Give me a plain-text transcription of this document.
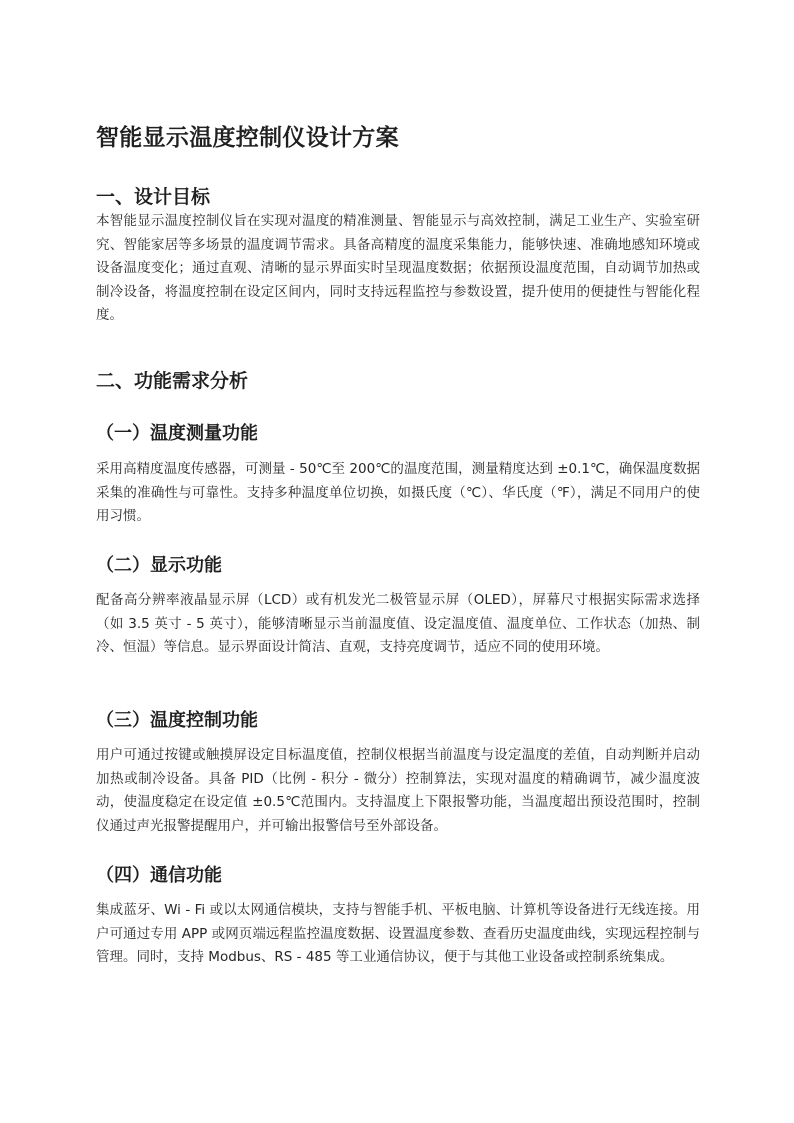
智能显示温度控制仪设计方案
一、设计目标

本智能显示温度控制仪旨在实现对温度的精准测量、智能显示与高效控制，满足工业生产、实验室研究、智能家居等多场景的温度调节需求。具备高精度的温度采集能力，能够快速、准确地感知环境或设备温度变化；通过直观、清晰的显示界面实时呈现温度数据；依据预设温度范围，自动调节加热或制冷设备，将温度控制在设定区间内，同时支持远程监控与参数设置，提升使用的便捷性与智能化程度。

二、功能需求分析
（一）温度测量功能

采用高精度温度传感器，可测量 - 50℃至 200℃的温度范围，测量精度达到 ±0.1℃，确保温度数据采集的准确性与可靠性。支持多种温度单位切换，如摄氏度（℃）、华氏度（℉），满足不同用户的使用习惯。

（二）显示功能

配备高分辨率液晶显示屏（LCD）或有机发光二极管显示屏（OLED），屏幕尺寸根据实际需求选择（如 3.5 英寸 - 5 英寸），能够清晰显示当前温度值、设定温度值、温度单位、工作状态（加热、制冷、恒温）等信息。显示界面设计简洁、直观，支持亮度调节，适应不同的使用环境。

（三）温度控制功能

用户可通过按键或触摸屏设定目标温度值，控制仪根据当前温度与设定温度的差值，自动判断并启动加热或制冷设备。具备 PID（比例 - 积分 - 微分）控制算法，实现对温度的精确调节，减少温度波动，使温度稳定在设定值 ±0.5℃范围内。支持温度上下限报警功能，当温度超出预设范围时，控制仪通过声光报警提醒用户，并可输出报警信号至外部设备。

（四）通信功能

集成蓝牙、Wi - Fi 或以太网通信模块，支持与智能手机、平板电脑、计算机等设备进行无线连接。用户可通过专用 APP 或网页端远程监控温度数据、设置温度参数、查看历史温度曲线，实现远程控制与管理。同时，支持 Modbus、RS - 485 等工业通信协议，便于与其他工业设备或控制系统集成。
